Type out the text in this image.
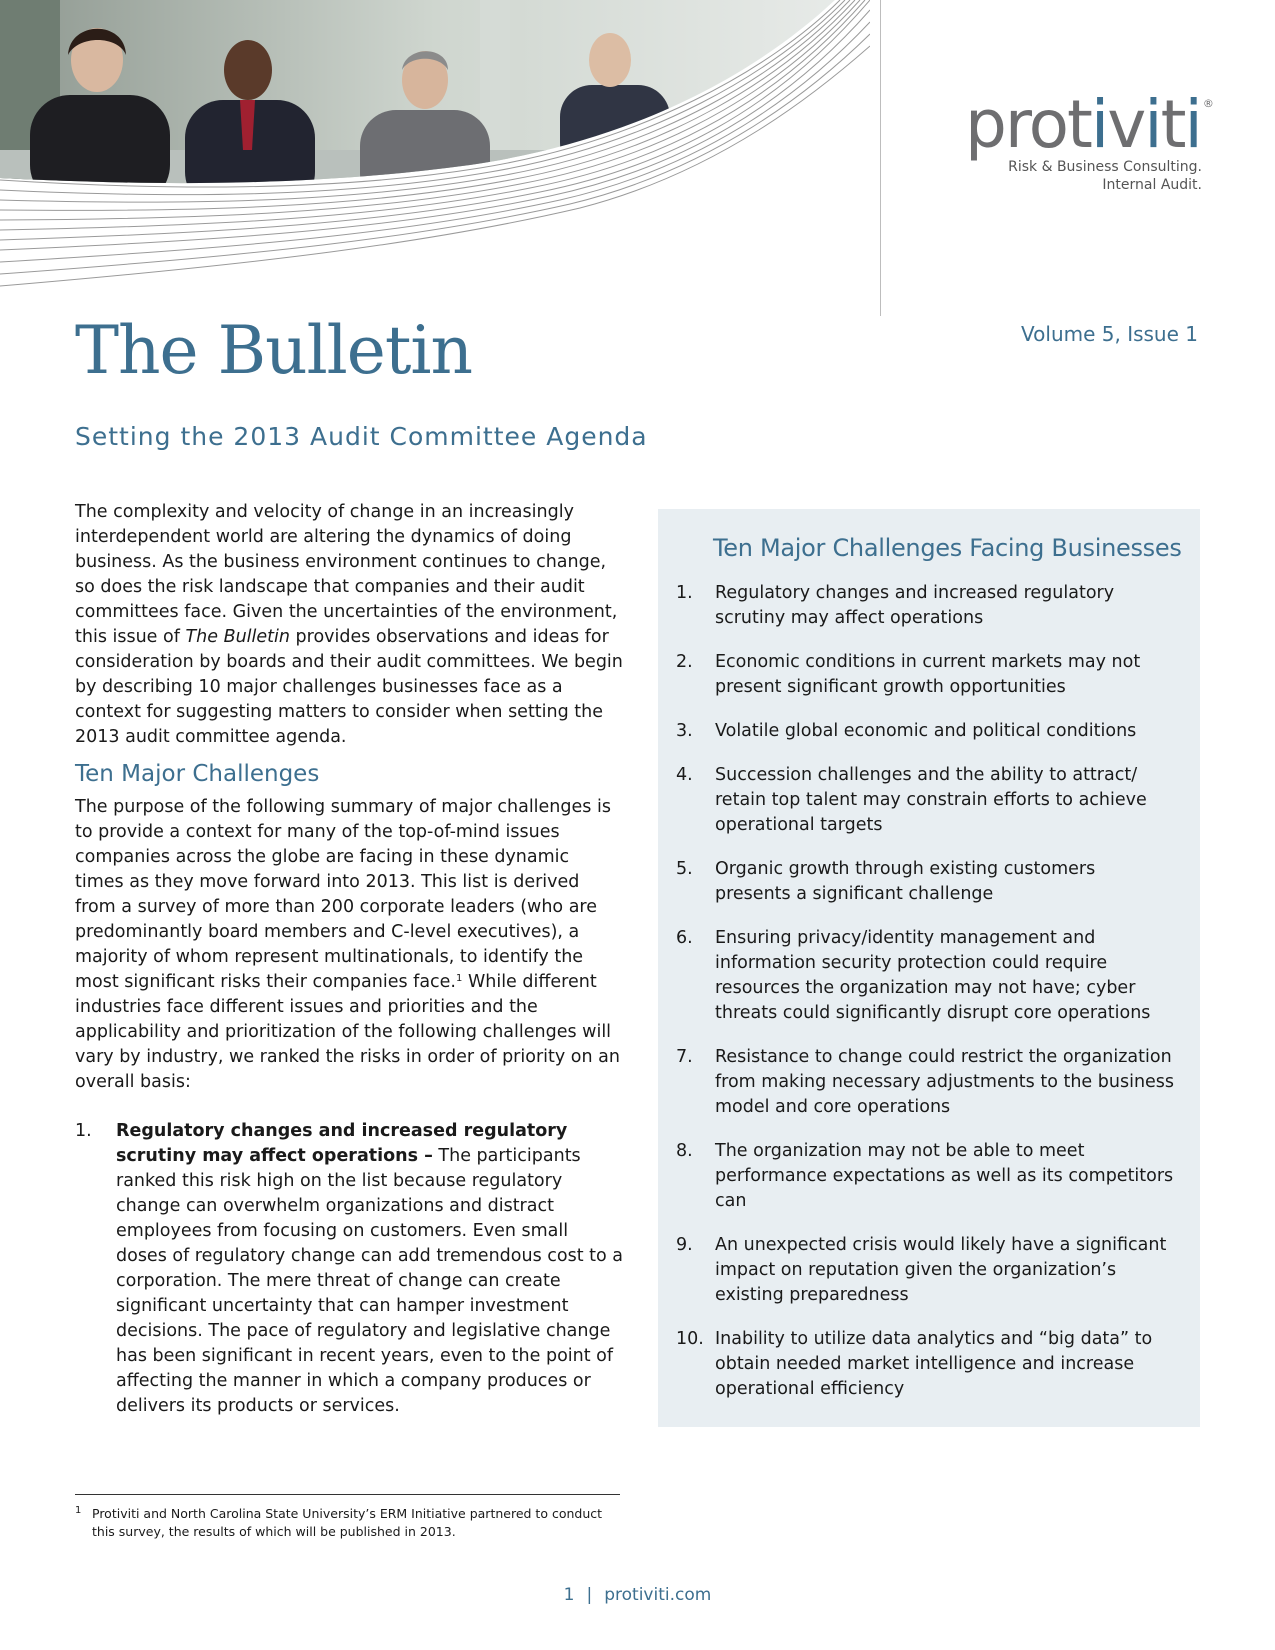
protiviti ®
Risk & Business Consulting.
Internal Audit.
Volume 5, Issue 1
The Bulletin
Setting the 2013 Audit Committee Agenda

The complexity and velocity of change in an increasingly interdependent world are altering the dynamics of doing business. As the business environment continues to change, so does the risk landscape that companies and their audit committees face. Given the uncertainties of the environment, this issue of The Bulletin provides observations and ideas for consideration by boards and their audit committees. We begin by describing 10 major challenges businesses face as a context for suggesting matters to consider when setting the 2013 audit committee agenda.

Ten Major Challenges

The purpose of the following summary of major challenges is to provide a context for many of the top-of-mind issues companies across the globe are facing in these dynamic times as they move forward into 2013. This list is derived from a survey of more than 200 corporate leaders (who are predominantly board members and C-level executives), a majority of whom represent multinationals, to identify the most significant risks their companies face.$^1$ While different industries face different issues and priorities and the applicability and prioritization of the following challenges will vary by industry, we ranked the risks in order of priority on an overall basis:

1. Regulatory changes and increased regulatory scrutiny may affect operations – The participants ranked this risk high on the list because regulatory change can overwhelm organizations and distract employees from focusing on customers. Even small doses of regulatory change can add tremendous cost to a corporation. The mere threat of change can create significant uncertainty that can hamper investment decisions. The pace of regulatory and legislative change has been significant in recent years, even to the point of affecting the manner in which a company produces or delivers its products or services.
1 Protiviti and North Carolina State University’s ERM Initiative partnered to conduct this survey, the results of which will be published in 2013.
Ten Major Challenges Facing Businesses
1. Regulatory changes and increased regulatory scrutiny may affect operations
2. Economic conditions in current markets may not present significant growth opportunities
3. Volatile global economic and political conditions
4. Succession challenges and the ability to attract/ retain top talent may constrain efforts to achieve operational targets
5. Organic growth through existing customers presents a significant challenge
6. Ensuring privacy/identity management and information security protection could require resources the organization may not have; cyber threats could significantly disrupt core operations
7. Resistance to change could restrict the organization from making necessary adjustments to the business model and core operations
8. The organization may not be able to meet performance expectations as well as its competitors can
9. An unexpected crisis would likely have a significant impact on reputation given the organization’s existing preparedness
10. Inability to utilize data analytics and “big data” to obtain needed market intelligence and increase operational efficiency
1 | protiviti.com
